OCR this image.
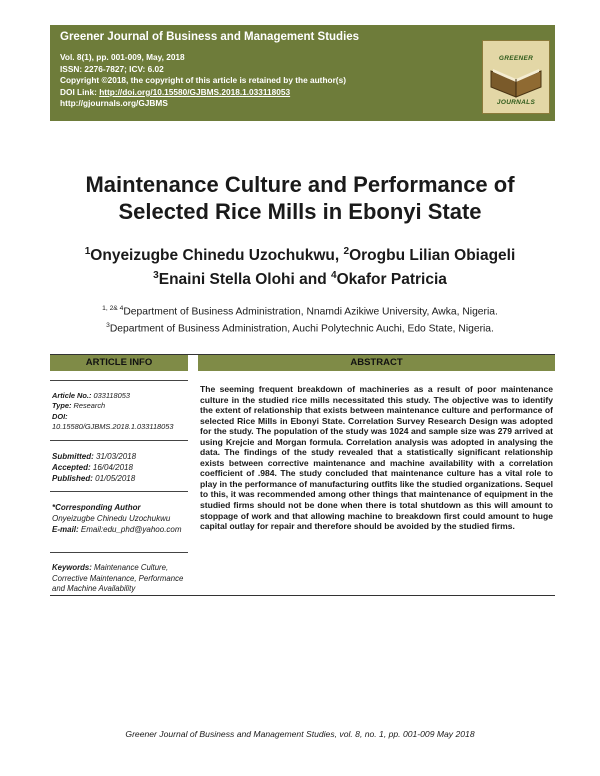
Greener Journal of Business and Management Studies
Vol. 8(1), pp. 001-009, May, 2018
ISSN: 2276-7827; ICV: 6.02
Copyright ©2018, the copyright of this article is retained by the author(s)
DOI Link: http://doi.org/10.15580/GJBMS.2018.1.033118053
http://gjournals.org/GJBMS
GREENER
JOURNALS
Maintenance Culture and Performance of
Selected Rice Mills in Ebonyi State
$^1$Onyeizugbe Chinedu Uzochukwu, $^2$Orogbu Lilian Obiageli
$^3$Enaini Stella Olohi and $^4$Okafor Patricia
$^{1, 2\& 4}$Department of Business Administration, Nnamdi Azikiwe University, Awka, Nigeria.
$^3$Department of Business Administration, Auchi Polytechnic Auchi, Edo State, Nigeria.
ARTICLE INFO	ABSTRACT
Article No.: 033118053
Type: Research
DOI: 10.15580/GJBMS.2018.1.033118053
Submitted: 31/03/2018
Accepted: 16/04/2018
Published: 01/05/2018
*Corresponding Author
Onyeizugbe Chinedu Uzochukwu
E-mail: Email:edu_phd@yahoo.com
Keywords: Maintenance Culture, Corrective Maintenance, Performance and Machine Availability
The seeming frequent breakdown of machineries as a result of poor maintenance culture in the studied rice mills necessitated this study. The objective was to identify the extent of relationship that exists between maintenance culture and performance of selected Rice Mills in Ebonyi State. Correlation Survey Research Design was adopted for the study. The population of the study was 1024 and sample size was 279 arrived at using Krejcie and Morgan formula. Correlation analysis was adopted in analysing the data. The findings of the study revealed that a statistically significant relationship exists between corrective maintenance and machine availability with a correlation coefficient of .984. The study concluded that maintenance culture has a vital role to play in the performance of manufacturing outfits like the studied organizations. Sequel to this, it was recommended among other things that maintenance of equipment in the studied firms should not be done when there is total shutdown as this will amount to stoppage of work and that allowing machine to breakdown first could amount to huge capital outlay for repair and therefore should be avoided by the studied firms.
Greener Journal of Business and Management Studies, vol. 8, no. 1, pp. 001-009 May 2018
